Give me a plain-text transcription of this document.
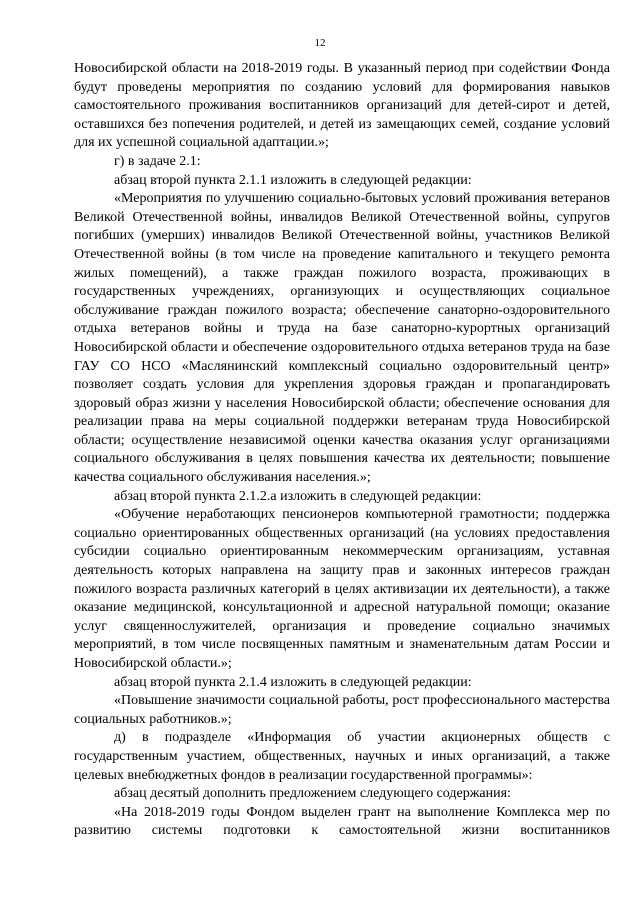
12

Новосибирской области на 2018-2019 годы. В указанный период при содействии Фонда будут проведены мероприятия по созданию условий для формирования навыков самостоятельного проживания воспитанников организаций для детей-сирот и детей, оставшихся без попечения родителей, и детей из замещающих семей, создание условий для их успешной социальной адаптации.»;

г) в задаче 2.1:

абзац второй пункта 2.1.1 изложить в следующей редакции:

«Мероприятия по улучшению социально-бытовых условий проживания ветеранов Великой Отечественной войны, инвалидов Великой Отечественной войны, супругов погибших (умерших) инвалидов Великой Отечественной войны, участников Великой Отечественной войны (в том числе на проведение капитального и текущего ремонта жилых помещений), а также граждан пожилого возраста, проживающих в государственных учреждениях, организующих и осуществляющих социальное обслуживание граждан пожилого возраста; обеспечение санаторно-оздоровительного отдыха ветеранов войны и труда на базе санаторно-курортных организаций Новосибирской области и обеспечение оздоровительного отдыха ветеранов труда на базе ГАУ СО НСО «Маслянинский комплексный социально оздоровительный центр» позволяет создать условия для укрепления здоровья граждан и пропагандировать здоровый образ жизни у населения Новосибирской области; обеспечение основания для реализации права на меры социальной поддержки ветеранам труда Новосибирской области; осуществление независимой оценки качества оказания услуг организациями социального обслуживания в целях повышения качества их деятельности; повышение качества социального обслуживания населения.»;

абзац второй пункта 2.1.2.а изложить в следующей редакции:

«Обучение неработающих пенсионеров компьютерной грамотности; поддержка социально ориентированных общественных организаций (на условиях предоставления субсидии социально ориентированным некоммерческим организациям, уставная деятельность которых направлена на защиту прав и законных интересов граждан пожилого возраста различных категорий в целях активизации их деятельности), а также оказание медицинской, консультационной и адресной натуральной помощи; оказание услуг священнослужителей, организация и проведение социально значимых мероприятий, в том числе посвященных памятным и знаменательным датам России и Новосибирской области.»;

абзац второй пункта 2.1.4 изложить в следующей редакции:

«Повышение значимости социальной работы, рост профессионального мастерства социальных работников.»;

д) в подразделе «Информация об участии акционерных обществ с государственным участием, общественных, научных и иных организаций, а также целевых внебюджетных фондов в реализации государственной программы»:

абзац десятый дополнить предложением следующего содержания:

«На 2018-2019 годы Фондом выделен грант на выполнение Комплекса мер по развитию системы подготовки к самостоятельной жизни воспитанников
